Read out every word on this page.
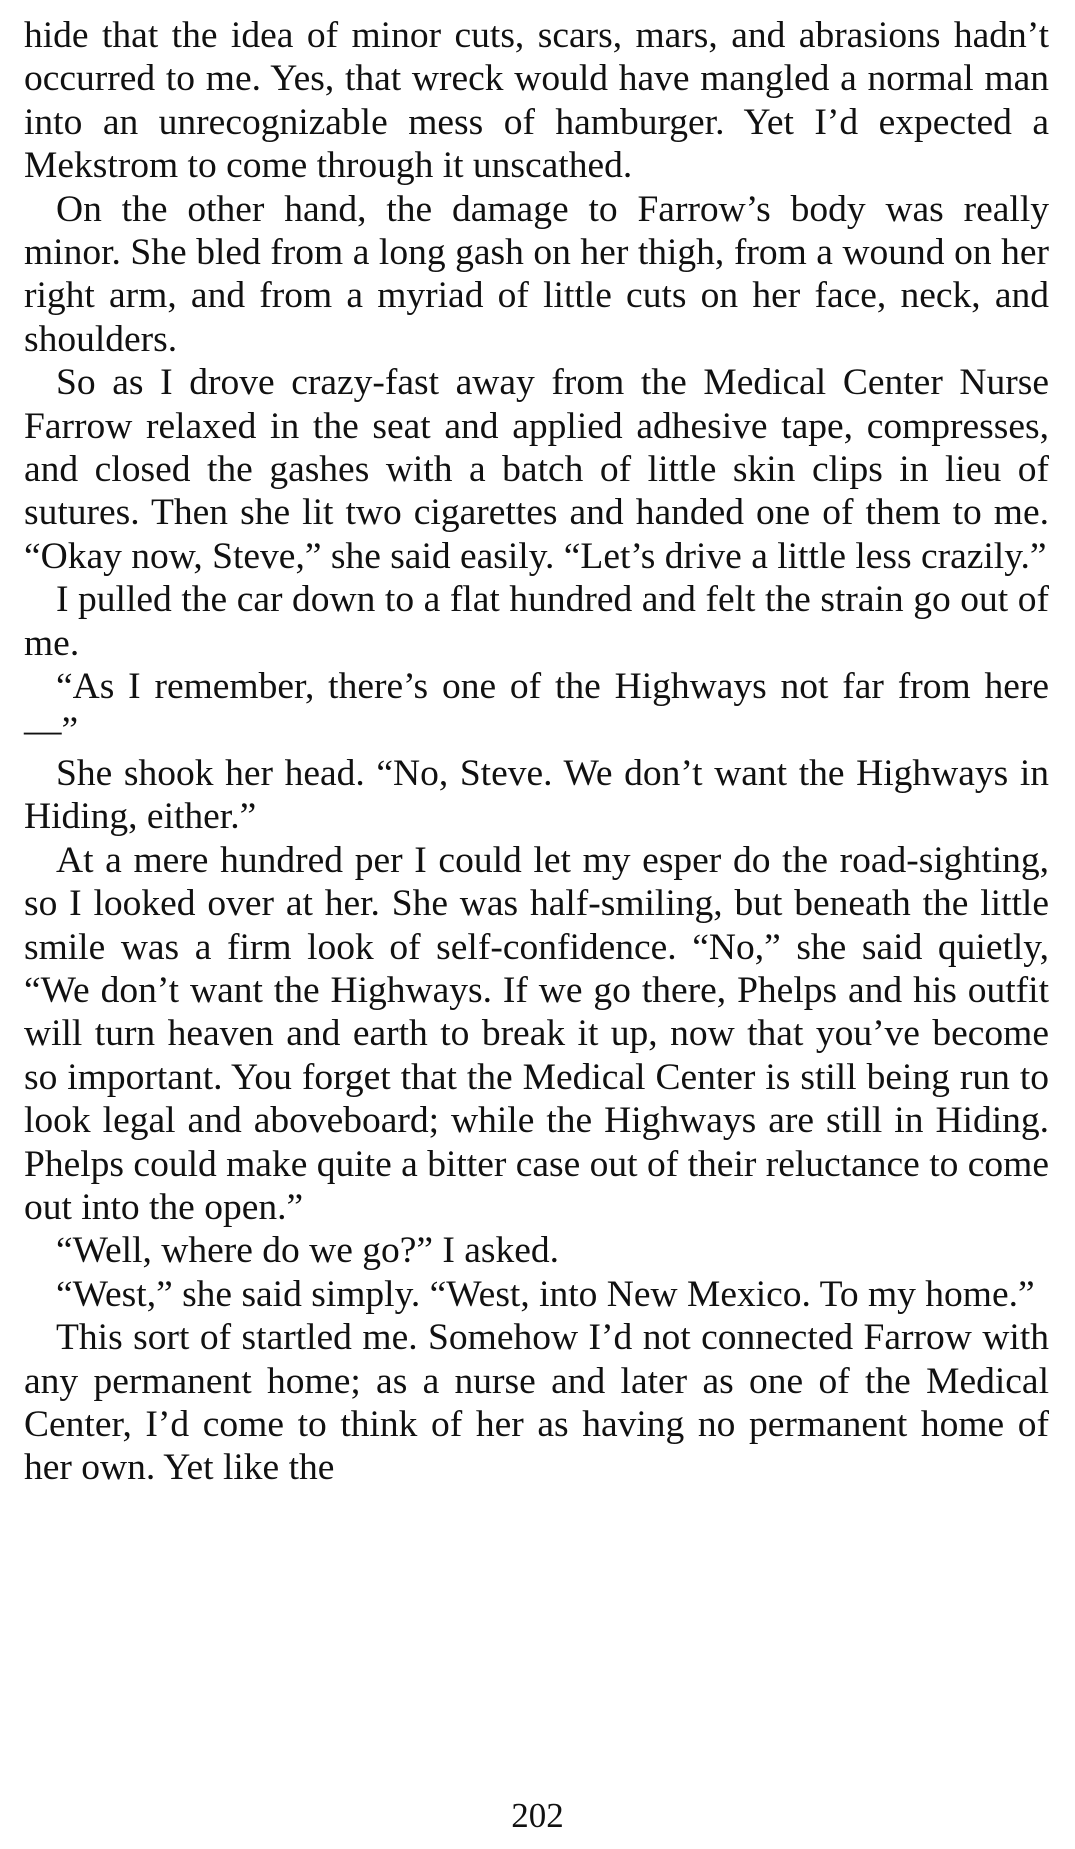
hide that the idea of minor cuts, scars, mars, and abrasions hadn’t occurred to me. Yes, that wreck would have mangled a normal man into an unrecognizable mess of hamburger. Yet I’d expected a Mekstrom to come through it unscathed.

On the other hand, the damage to Farrow’s body was really minor. She bled from a long gash on her thigh, from a wound on her right arm, and from a myriad of little cuts on her face, neck, and shoulders.

So as I drove crazy-fast away from the Medical Center Nurse Farrow relaxed in the seat and applied adhesive tape, compresses, and closed the gashes with a batch of little skin clips in lieu of sutures. Then she lit two cigarettes and handed one of them to me. “Okay now, Steve,” she said easily. “Let’s drive a little less crazily.”

I pulled the car down to a flat hundred and felt the strain go out of me.

“As I remember, there’s one of the Highways not far from here—”

She shook her head. “No, Steve. We don’t want the Highways in Hiding, either.”

At a mere hundred per I could let my esper do the road-sighting, so I looked over at her. She was half-smiling, but beneath the little smile was a firm look of self-confidence. “No,” she said quietly, “We don’t want the Highways. If we go there, Phelps and his outfit will turn heaven and earth to break it up, now that you’ve become so important. You forget that the Medical Center is still being run to look legal and aboveboard; while the Highways are still in Hiding. Phelps could make quite a bitter case out of their reluctance to come out into the open.”

“Well, where do we go?” I asked.

“West,” she said simply. “West, into New Mexico. To my home.”

This sort of startled me. Somehow I’d not connected Farrow with any permanent home; as a nurse and later as one of the Medical Center, I’d come to think of her as having no permanent home of her own. Yet like the

202
